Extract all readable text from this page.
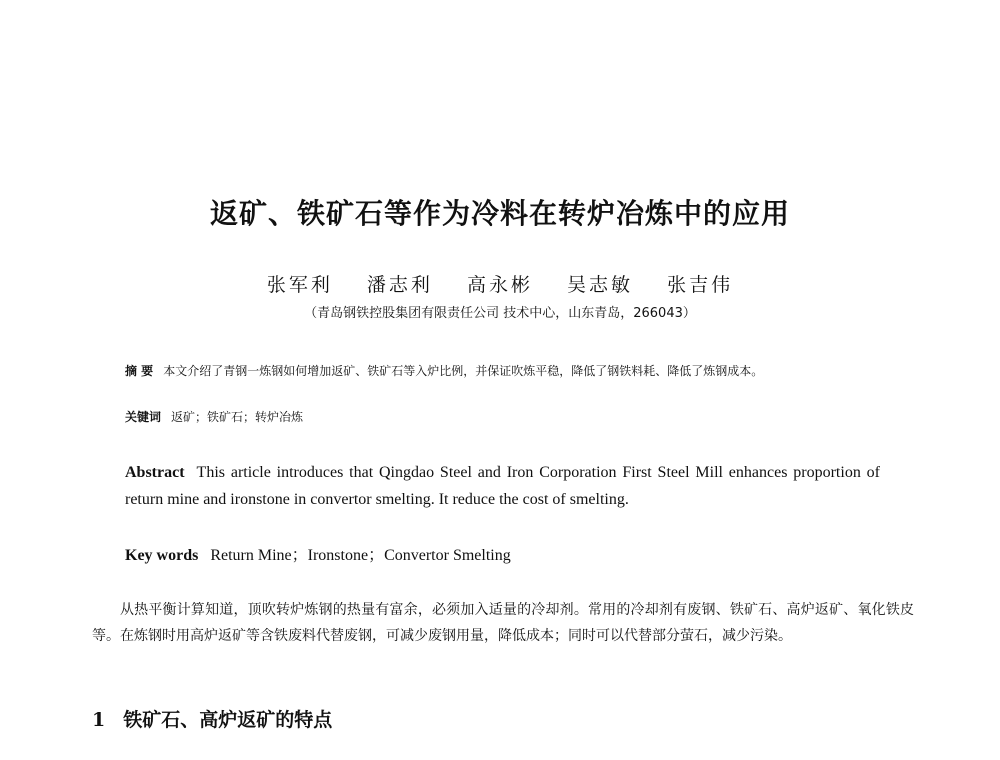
返矿、铁矿石等作为冷料在转炉冶炼中的应用
张军利 潘志利 高永彬 吴志敏 张吉伟
（青岛钢铁控股集团有限责任公司 技术中心，山东青岛，266043）
摘 要 本文介绍了青钢一炼钢如何增加返矿、铁矿石等入炉比例，并保证吹炼平稳，降低了钢铁料耗、降低了炼钢成本。
关键词 返矿；铁矿石；转炉冶炼
Abstract This article introduces that Qingdao Steel and Iron Corporation First Steel Mill enhances proportion of return mine and ironstone in convertor smelting. It reduce the cost of smelting.
Key words Return Mine；Ironstone；Convertor Smelting
从热平衡计算知道，顶吹转炉炼钢的热量有富余，必须加入适量的冷却剂。常用的冷却剂有废钢、铁矿石、高炉返矿、氧化铁皮等。在炼钢时用高炉返矿等含铁废料代替废钢，可减少废钢用量，降低成本；同时可以代替部分萤石，减少污染。
1 铁矿石、高炉返矿的特点
